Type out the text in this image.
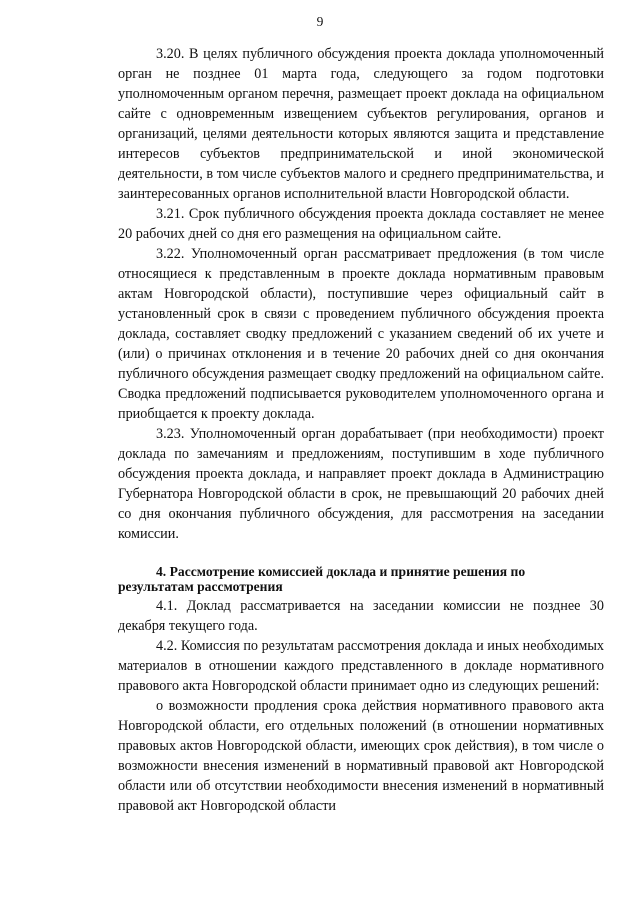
9

3.20. В целях публичного обсуждения проекта доклада уполномоченный орган не позднее 01 марта года, следующего за годом подготовки уполномоченным органом перечня, размещает проект доклада на официальном сайте с одновременным извещением субъектов регулирования, органов и организаций, целями деятельности которых являются защита и представление интересов субъектов предпринимательской и иной экономической деятельности, в том числе субъектов малого и среднего предпринимательства, и заинтересованных органов исполнительной власти Новгородской области.

3.21. Срок публичного обсуждения проекта доклада составляет не менее 20 рабочих дней со дня его размещения на официальном сайте.

3.22. Уполномоченный орган рассматривает предложения (в том числе относящиеся к представленным в проекте доклада нормативным правовым актам Новгородской области), поступившие через официальный сайт в установленный срок в связи с проведением публичного обсуждения проекта доклада, составляет сводку предложений с указанием сведений об их учете и (или) о причинах отклонения и в течение 20 рабочих дней со дня окончания публичного обсуждения размещает сводку предложений на официальном сайте. Сводка предложений подписывается руководителем уполномоченного органа и приобщается к проекту доклада.

3.23. Уполномоченный орган дорабатывает (при необходимости) проект доклада по замечаниям и предложениям, поступившим в ходе публичного обсуждения проекта доклада, и направляет проект доклада в Администрацию Губернатора Новгородской области в срок, не превышающий 20 рабочих дней со дня окончания публичного обсуждения, для рассмотрения на заседании комиссии.

4. Рассмотрение комиссией доклада и принятие решения по результатам рассмотрения

4.1. Доклад рассматривается на заседании комиссии не позднее 30 декабря текущего года.

4.2. Комиссия по результатам рассмотрения доклада и иных необходимых материалов в отношении каждого представленного в докладе нормативного правового акта Новгородской области принимает одно из следующих решений:

о возможности продления срока действия нормативного правового акта Новгородской области, его отдельных положений (в отношении нормативных правовых актов Новгородской области, имеющих срок действия), в том числе о возможности внесения изменений в нормативный правовой акт Новгородской области или об отсутствии необходимости внесения изменений в нормативный правовой акт Новгородской области
